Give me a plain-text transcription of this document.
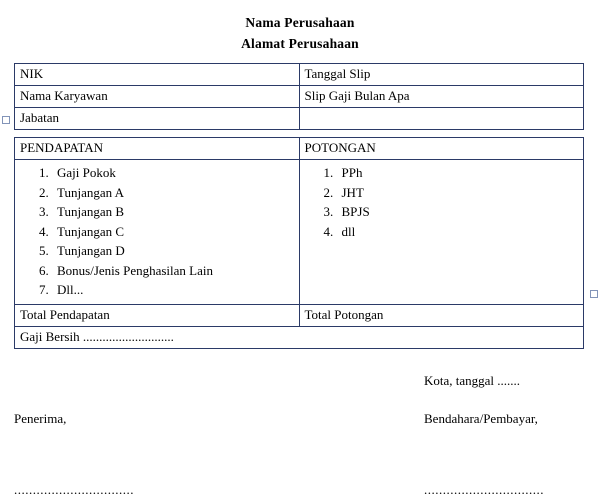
Nama Perusahaan
Alamat Perusahaan
NIK	Tanggal Slip
Nama Karyawan	Slip Gaji Bulan Apa
Jabatan	
PENDAPATAN	POTONGAN

1. Gaji Pokok
2. Tunjangan A
3. Tunjangan B
4. Tunjangan C
5. Tunjangan D
6. Bonus/Jenis Penghasilan Lain
7. Dll...

1. PPh
2. JHT
3. BPJS
4. dll

Total Pendapatan	Total Potongan
Gaji Bersih ............................	
Kota, tanggal .......
Penerima,	Bendahara/Pembayar,
................................	................................
